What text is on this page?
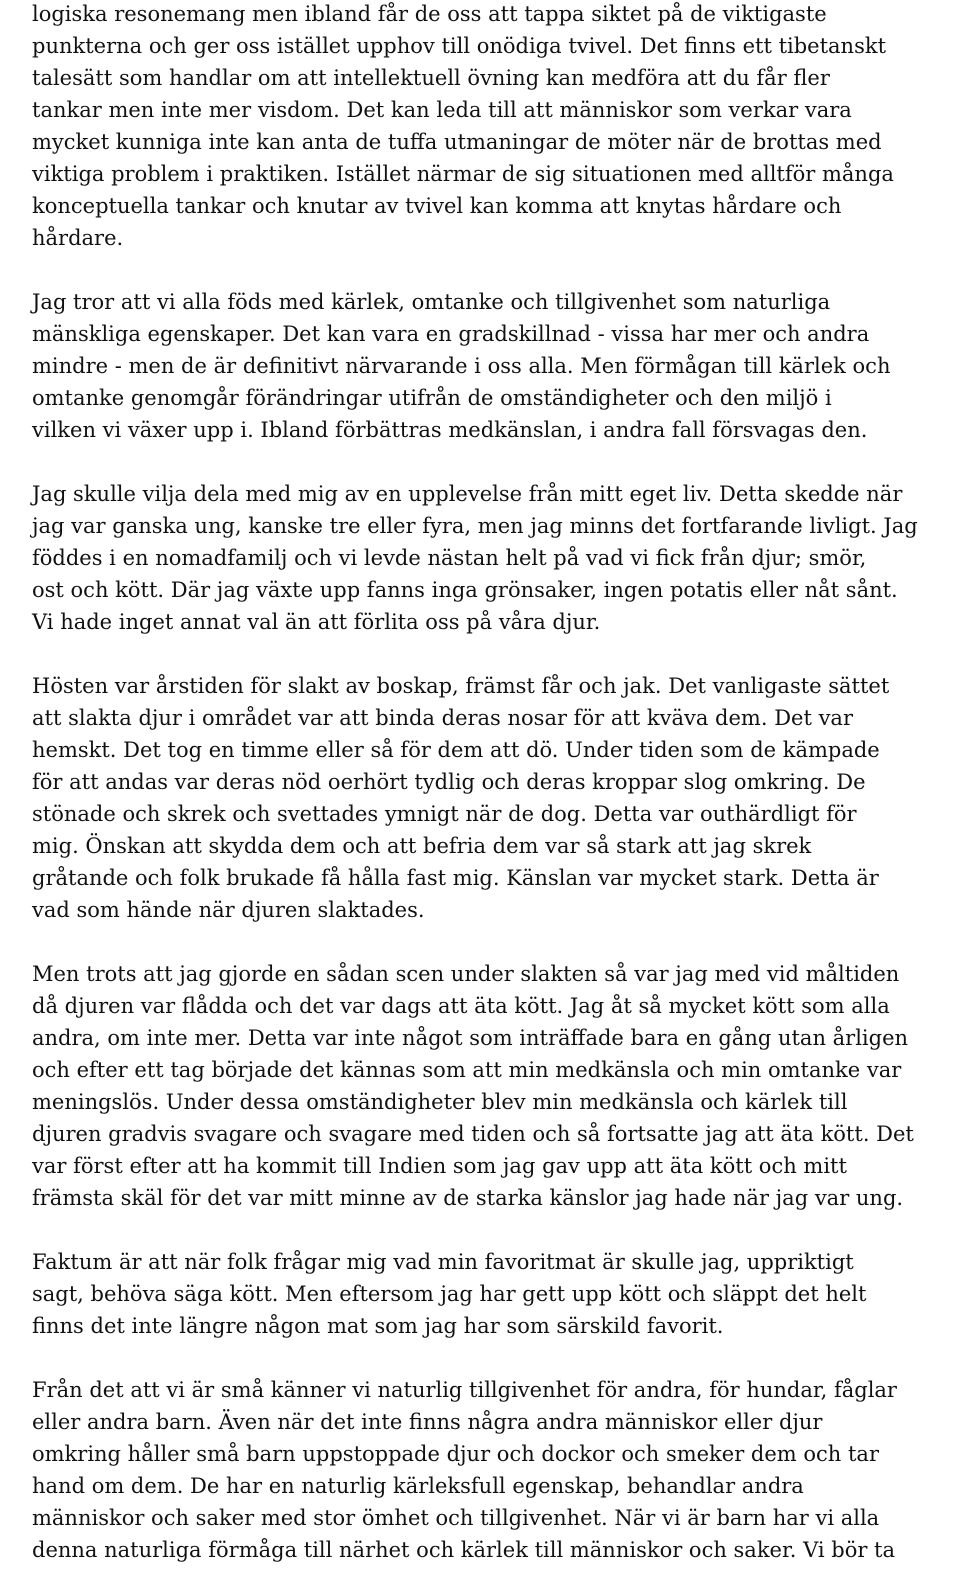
logiska resonemang men ibland får de oss att tappa siktet på de viktigaste
punkterna och ger oss istället upphov till onödiga tvivel. Det finns ett tibetanskt
talesätt som handlar om att intellektuell övning kan medföra att du får fler
tankar men inte mer visdom. Det kan leda till att människor som verkar vara
mycket kunniga inte kan anta de tuffa utmaningar de möter när de brottas med
viktiga problem i praktiken. Istället närmar de sig situationen med alltför många
konceptuella tankar och knutar av tvivel kan komma att knytas hårdare och
hårdare.

Jag tror att vi alla föds med kärlek, omtanke och tillgivenhet som naturliga
mänskliga egenskaper. Det kan vara en gradskillnad - vissa har mer och andra
mindre - men de är definitivt närvarande i oss alla. Men förmågan till kärlek och
omtanke genomgår förändringar utifrån de omständigheter och den miljö i
vilken vi växer upp i. Ibland förbättras medkänslan, i andra fall försvagas den.

Jag skulle vilja dela med mig av en upplevelse från mitt eget liv. Detta skedde när
jag var ganska ung, kanske tre eller fyra, men jag minns det fortfarande livligt. Jag
föddes i en nomadfamilj och vi levde nästan helt på vad vi fick från djur; smör,
ost och kött. Där jag växte upp fanns inga grönsaker, ingen potatis eller nåt sånt.
Vi hade inget annat val än att förlita oss på våra djur.

Hösten var årstiden för slakt av boskap, främst får och jak. Det vanligaste sättet
att slakta djur i området var att binda deras nosar för att kväva dem. Det var
hemskt. Det tog en timme eller så för dem att dö. Under tiden som de kämpade
för att andas var deras nöd oerhört tydlig och deras kroppar slog omkring. De
stönade och skrek och svettades ymnigt när de dog. Detta var outhärdligt för
mig. Önskan att skydda dem och att befria dem var så stark att jag skrek
gråtande och folk brukade få hålla fast mig. Känslan var mycket stark. Detta är
vad som hände när djuren slaktades.

Men trots att jag gjorde en sådan scen under slakten så var jag med vid måltiden
då djuren var flådda och det var dags att äta kött. Jag åt så mycket kött som alla
andra, om inte mer. Detta var inte något som inträffade bara en gång utan årligen
och efter ett tag började det kännas som att min medkänsla och min omtanke var
meningslös. Under dessa omständigheter blev min medkänsla och kärlek till
djuren gradvis svagare och svagare med tiden och så fortsatte jag att äta kött. Det
var först efter att ha kommit till Indien som jag gav upp att äta kött och mitt
främsta skäl för det var mitt minne av de starka känslor jag hade när jag var ung.

Faktum är att när folk frågar mig vad min favoritmat är skulle jag, uppriktigt
sagt, behöva säga kött. Men eftersom jag har gett upp kött och släppt det helt
finns det inte längre någon mat som jag har som särskild favorit.

Från det att vi är små känner vi naturlig tillgivenhet för andra, för hundar, fåglar
eller andra barn. Även när det inte finns några andra människor eller djur
omkring håller små barn uppstoppade djur och dockor och smeker dem och tar
hand om dem. De har en naturlig kärleksfull egenskap, behandlar andra
människor och saker med stor ömhet och tillgivenhet. När vi är barn har vi alla
denna naturliga förmåga till närhet och kärlek till människor och saker. Vi bör ta
